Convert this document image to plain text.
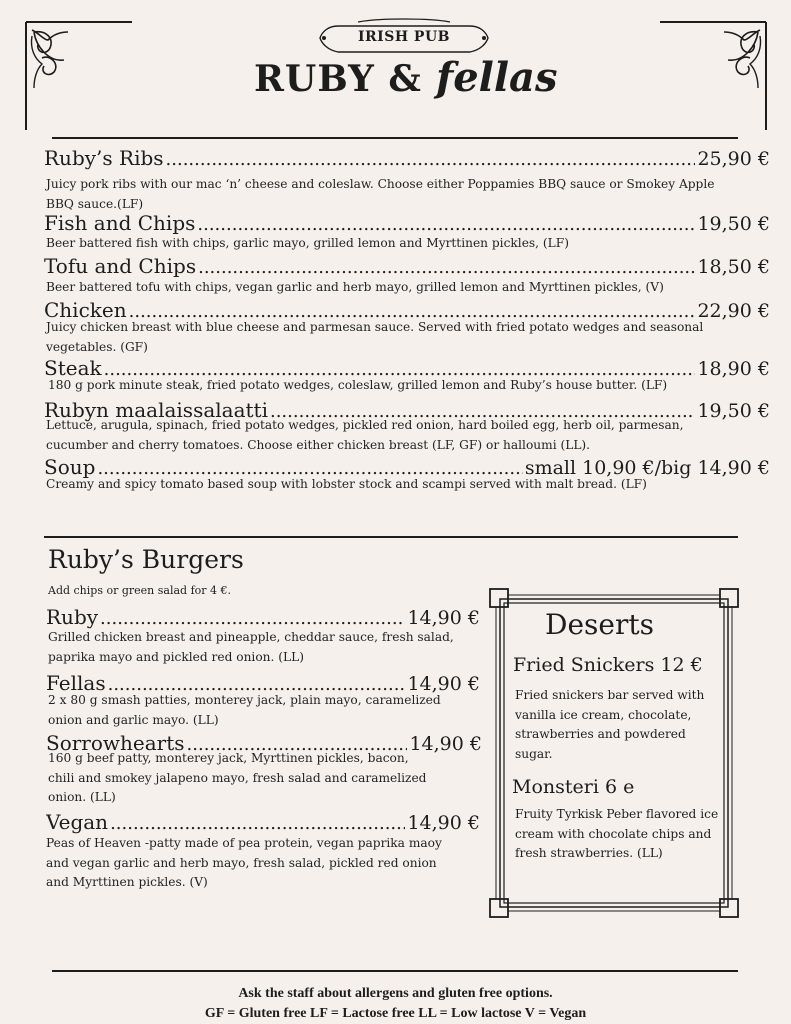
IRISH PUB
RUBY & fellas
Ruby’s Ribs .....	25,90 €
Juicy pork ribs with our mac ‘n’ cheese and coleslaw. Choose either Poppamies BBQ sauce or Smokey Apple BBQ sauce.(LF)
Fish and Chips .....	19,50 €
Beer battered fish with chips, garlic mayo, grilled lemon and Myrttinen pickles, (LF)
Tofu and Chips .....	18,50 €
Beer battered tofu with chips, vegan garlic and herb mayo, grilled lemon and Myrttinen pickles, (V)
Chicken .....	22,90 €
Juicy chicken breast with blue cheese and parmesan sauce. Served with fried potato wedges and seasonal vegetables. (GF)
Steak .....	18,90 €
180 g pork minute steak, fried potato wedges, coleslaw, grilled lemon and Ruby’s house butter. (LF)
Rubyn maalaissalaatti .....	19,50 €
Lettuce, arugula, spinach, fried potato wedges, pickled red onion, hard boiled egg, herb oil, parmesan, cucumber and cherry tomatoes. Choose either chicken breast (LF, GF) or halloumi (LL).
Soup .....	small 10,90 €/big 14,90 €
Creamy and spicy tomato based soup with lobster stock and scampi served with malt bread. (LF)
Ruby’s Burgers
Add chips or green salad for 4 €.
Ruby .....	14,90 €
Grilled chicken breast and pineapple, cheddar sauce, fresh salad, paprika mayo and pickled red onion. (LL)
Fellas .....	14,90 €
2 x 80 g smash patties, monterey jack, plain mayo, caramelized onion and garlic mayo. (LL)
Sorrowhearts .....	14,90 €
160 g beef patty, monterey jack, Myrttinen pickles, bacon, chili and smokey jalapeno mayo, fresh salad and caramelized onion. (LL)
Vegan .....	14,90 €
Peas of Heaven -patty made of pea protein, vegan paprika maoy and vegan garlic and herb mayo, fresh salad, pickled red onion and Myrttinen pickles. (V)
Deserts
Fried Snickers 12 €
Fried snickers bar served with vanilla ice cream, chocolate, strawberries and powdered sugar.
Monsteri 6 e
Fruity Tyrkisk Peber flavored ice cream with chocolate chips and fresh strawberries. (LL)
Ask the staff about allergens and gluten free options.
GF = Gluten free LF = Lactose free LL = Low lactose V = Vegan
